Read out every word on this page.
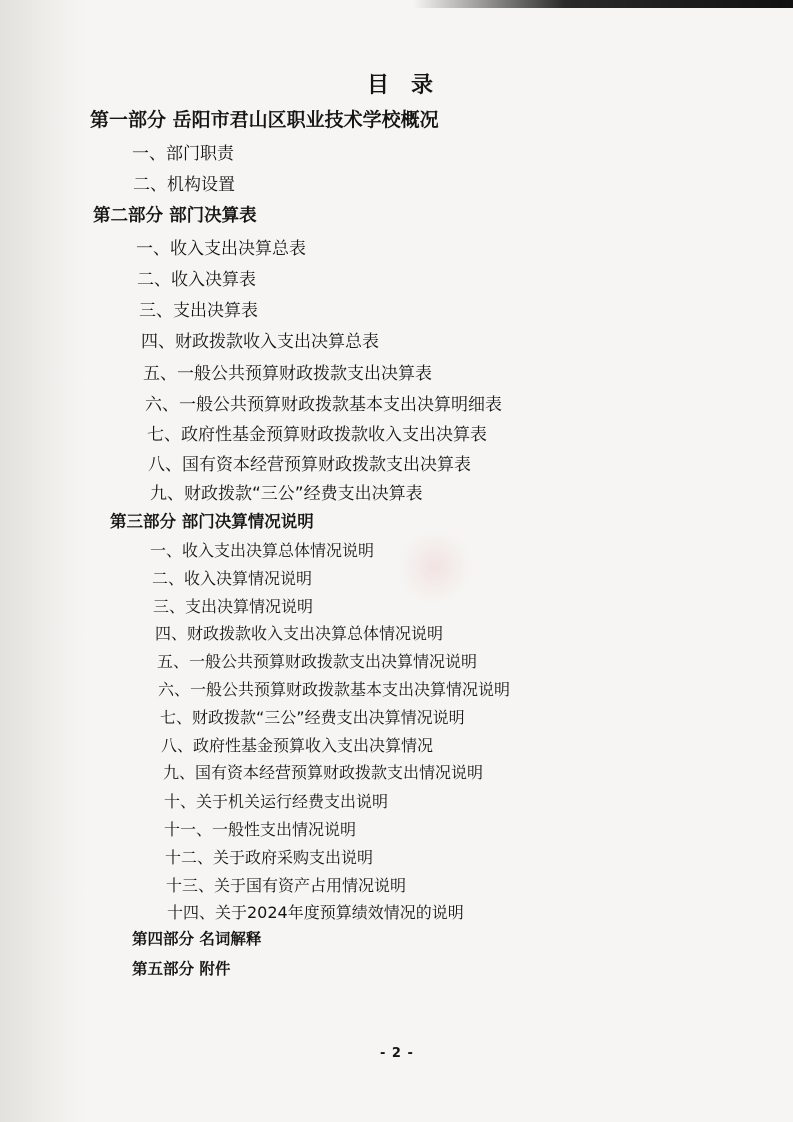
目　录
第一部分 岳阳市君山区职业技术学校概况
一、部门职责
二、机构设置
第二部分 部门决算表
一、收入支出决算总表
二、收入决算表
三、支出决算表
四、财政拨款收入支出决算总表
五、一般公共预算财政拨款支出决算表
六、一般公共预算财政拨款基本支出决算明细表
七、政府性基金预算财政拨款收入支出决算表
八、国有资本经营预算财政拨款支出决算表
九、财政拨款“三公”经费支出决算表
第三部分 部门决算情况说明
一、收入支出决算总体情况说明
二、收入决算情况说明
三、支出决算情况说明
四、财政拨款收入支出决算总体情况说明
五、一般公共预算财政拨款支出决算情况说明
六、一般公共预算财政拨款基本支出决算情况说明
七、财政拨款“三公”经费支出决算情况说明
八、政府性基金预算收入支出决算情况
九、国有资本经营预算财政拨款支出情况说明
十、关于机关运行经费支出说明
十一、一般性支出情况说明
十二、关于政府采购支出说明
十三、关于国有资产占用情况说明
十四、关于2024年度预算绩效情况的说明
第四部分 名词解释
第五部分 附件
- 2 -
